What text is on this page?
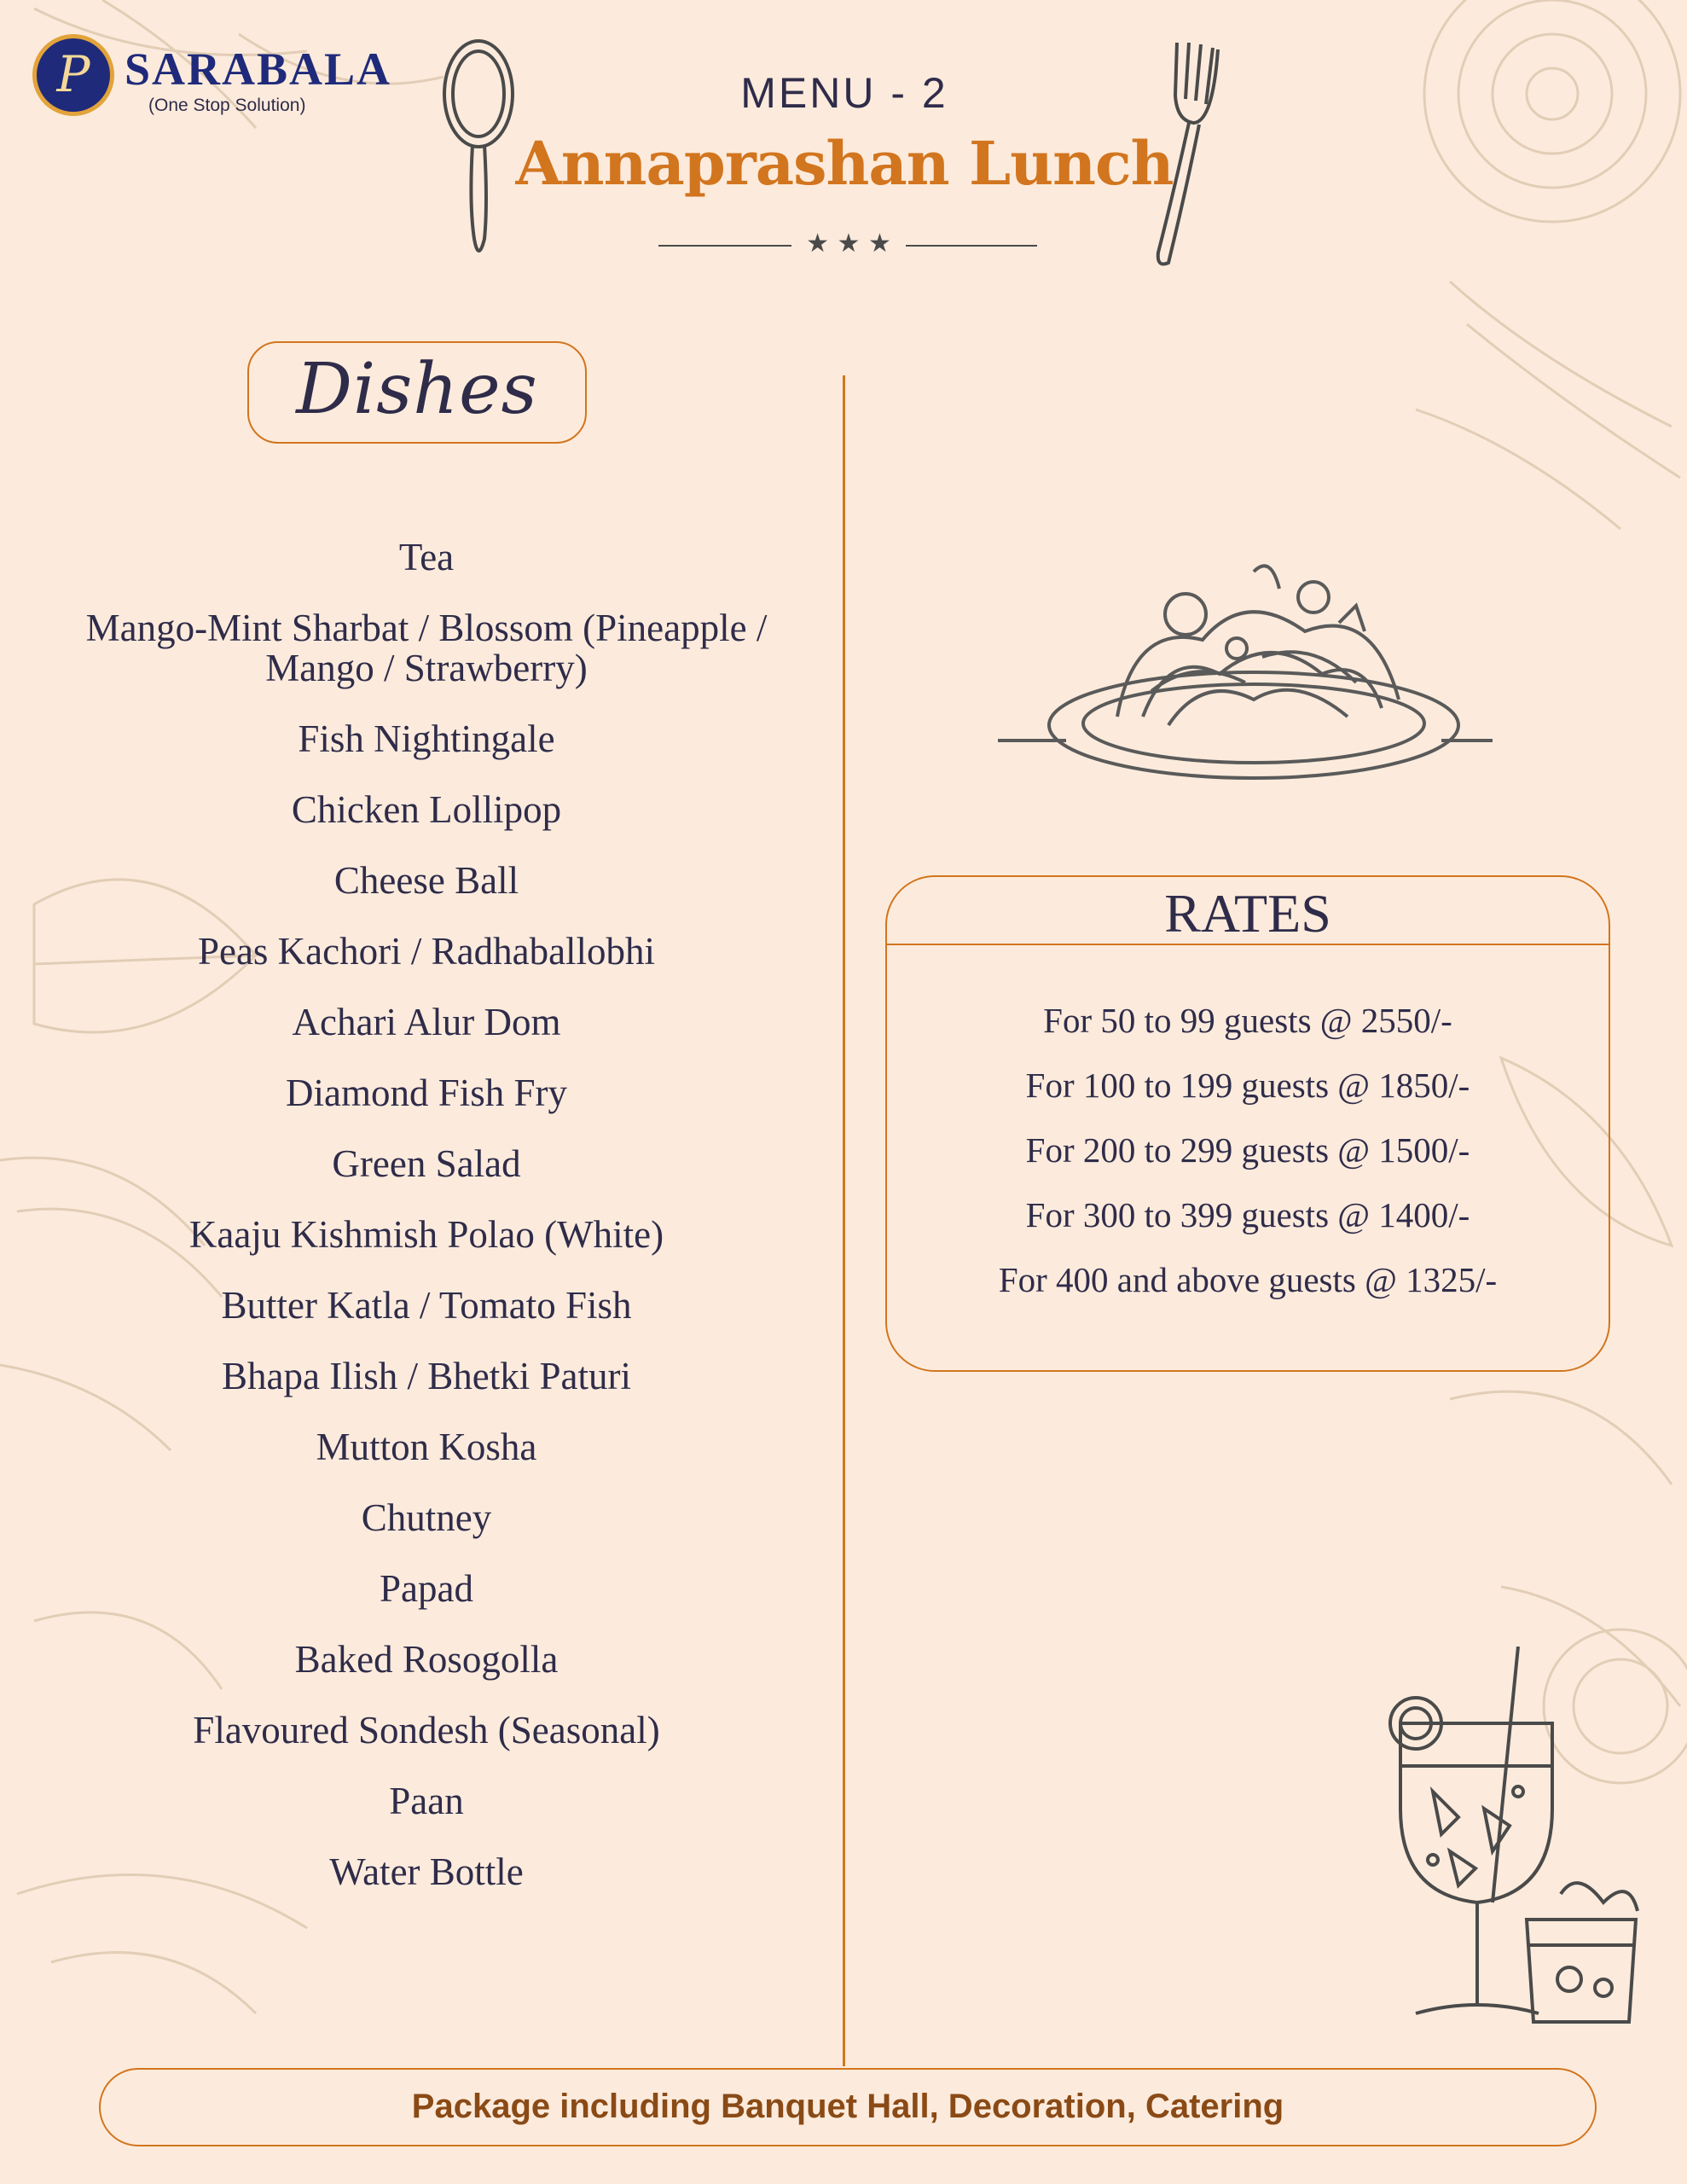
P SARABALA
(One Stop Solution)	MENU - 2
Annaprashan Lunch
★ ★ ★
Dishes
Tea
Mango-Mint Sharbat / Blossom (Pineapple / Mango / Strawberry)
Fish Nightingale
Chicken Lollipop
Cheese Ball
Peas Kachori / Radhaballobhi
Achari Alur Dom
Diamond Fish Fry
Green Salad
Kaaju Kishmish Polao (White)
Butter Katla / Tomato Fish
Bhapa Ilish / Bhetki Paturi
Mutton Kosha
Chutney
Papad
Baked Rosogolla
Flavoured Sondesh (Seasonal)
Paan
Water Bottle
RATES
For 50 to 99 guests @ 2550/-
For 100 to 199 guests @ 1850/-
For 200 to 299 guests @ 1500/-
For 300 to 399 guests @ 1400/-
For 400 and above guests @ 1325/-
Package including Banquet Hall, Decoration, Catering
